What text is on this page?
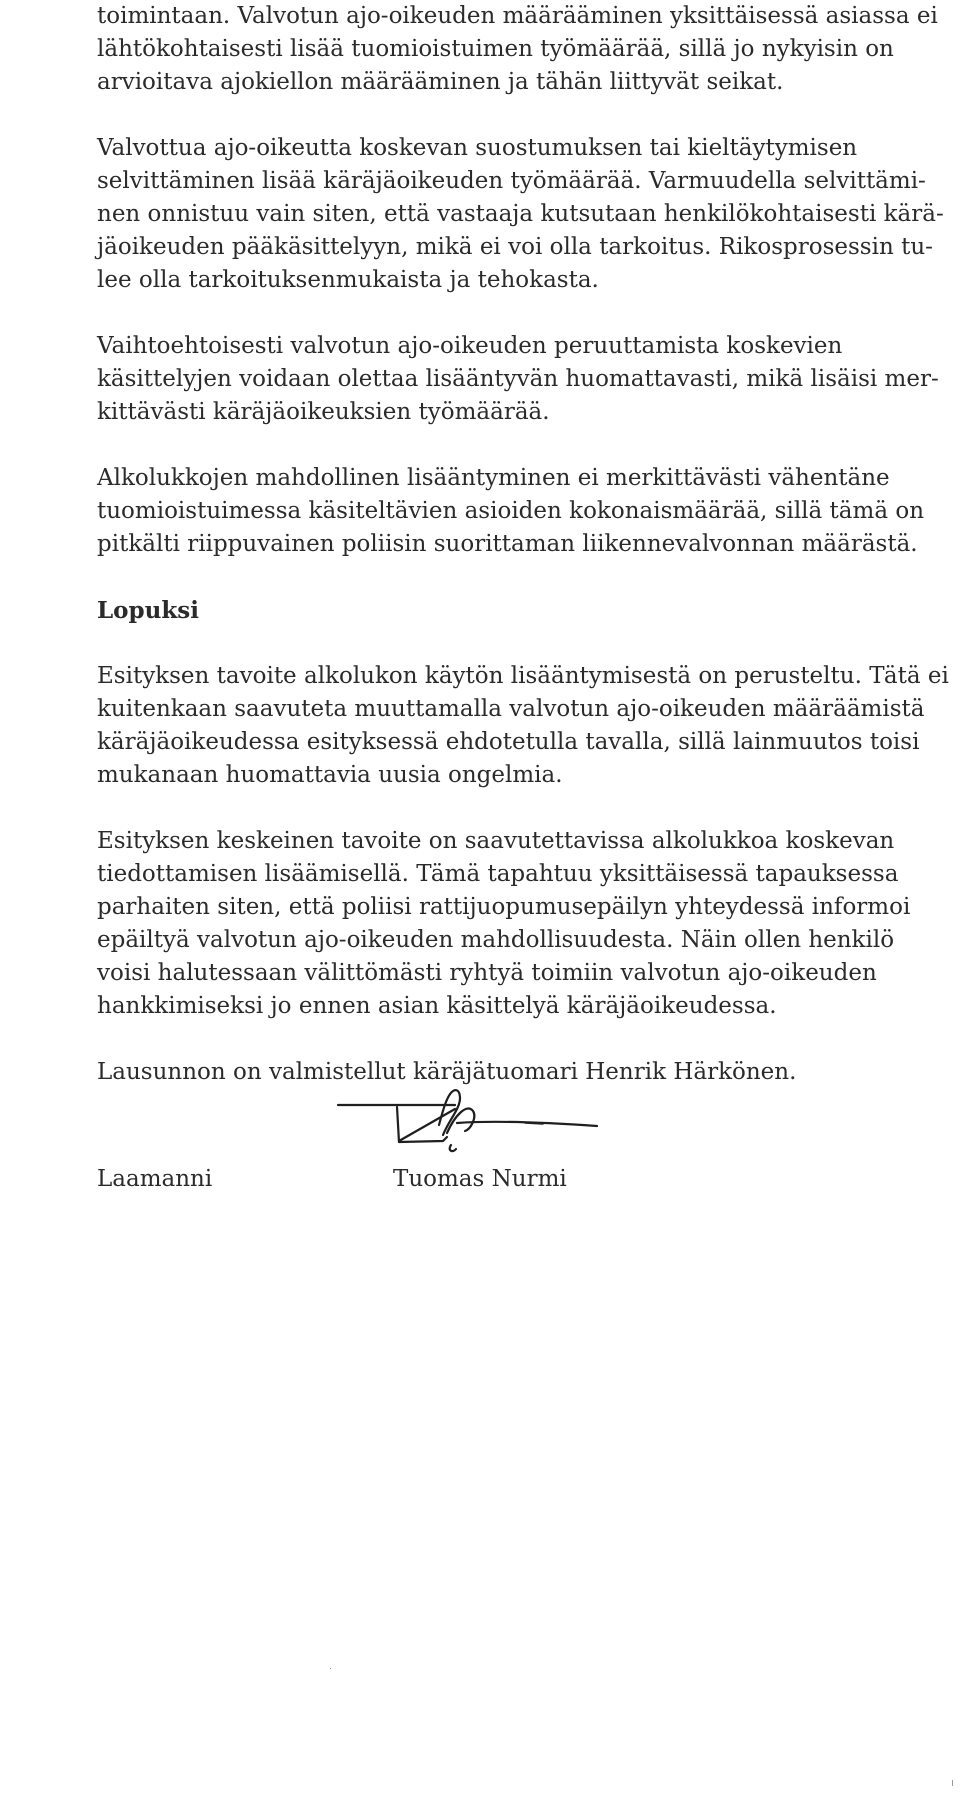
toimintaan. Valvotun ajo-oikeuden määrääminen yksittäisessä asiassa ei
lähtökohtaisesti lisää tuomioistuimen työmäärää, sillä jo nykyisin on
arvioitava ajokiellon määrääminen ja tähän liittyvät seikat.
Valvottua ajo-oikeutta koskevan suostumuksen tai kieltäytymisen
selvittäminen lisää käräjäoikeuden työmäärää. Varmuudella selvittämi-
nen onnistuu vain siten, että vastaaja kutsutaan henkilökohtaisesti kärä-
jäoikeuden pääkäsittelyyn, mikä ei voi olla tarkoitus. Rikosprosessin tu-
lee olla tarkoituksenmukaista ja tehokasta.
Vaihtoehtoisesti valvotun ajo-oikeuden peruuttamista koskevien
käsittelyjen voidaan olettaa lisääntyvän huomattavasti, mikä lisäisi mer-
kittävästi käräjäoikeuksien työmäärää.
Alkolukkojen mahdollinen lisääntyminen ei merkittävästi vähentäne
tuomioistuimessa käsiteltävien asioiden kokonaismäärää, sillä tämä on
pitkälti riippuvainen poliisin suorittaman liikennevalvonnan määrästä.
Lopuksi
Esityksen tavoite alkolukon käytön lisääntymisestä on perusteltu. Tätä ei
kuitenkaan saavuteta muuttamalla valvotun ajo-oikeuden määräämistä
käräjäoikeudessa esityksessä ehdotetulla tavalla, sillä lainmuutos toisi
mukanaan huomattavia uusia ongelmia.
Esityksen keskeinen tavoite on saavutettavissa alkolukkoa koskevan
tiedottamisen lisäämisellä. Tämä tapahtuu yksittäisessä tapauksessa
parhaiten siten, että poliisi rattijuopumusepäilyn yhteydessä informoi
epäiltyä valvotun ajo-oikeuden mahdollisuudesta. Näin ollen henkilö
voisi halutessaan välittömästi ryhtyä toimiin valvotun ajo-oikeuden
hankkimiseksi jo ennen asian käsittelyä käräjäoikeudessa.
Lausunnon on valmistellut käräjätuomari Henrik Härkönen.
Laamanni	Tuomas Nurmi
